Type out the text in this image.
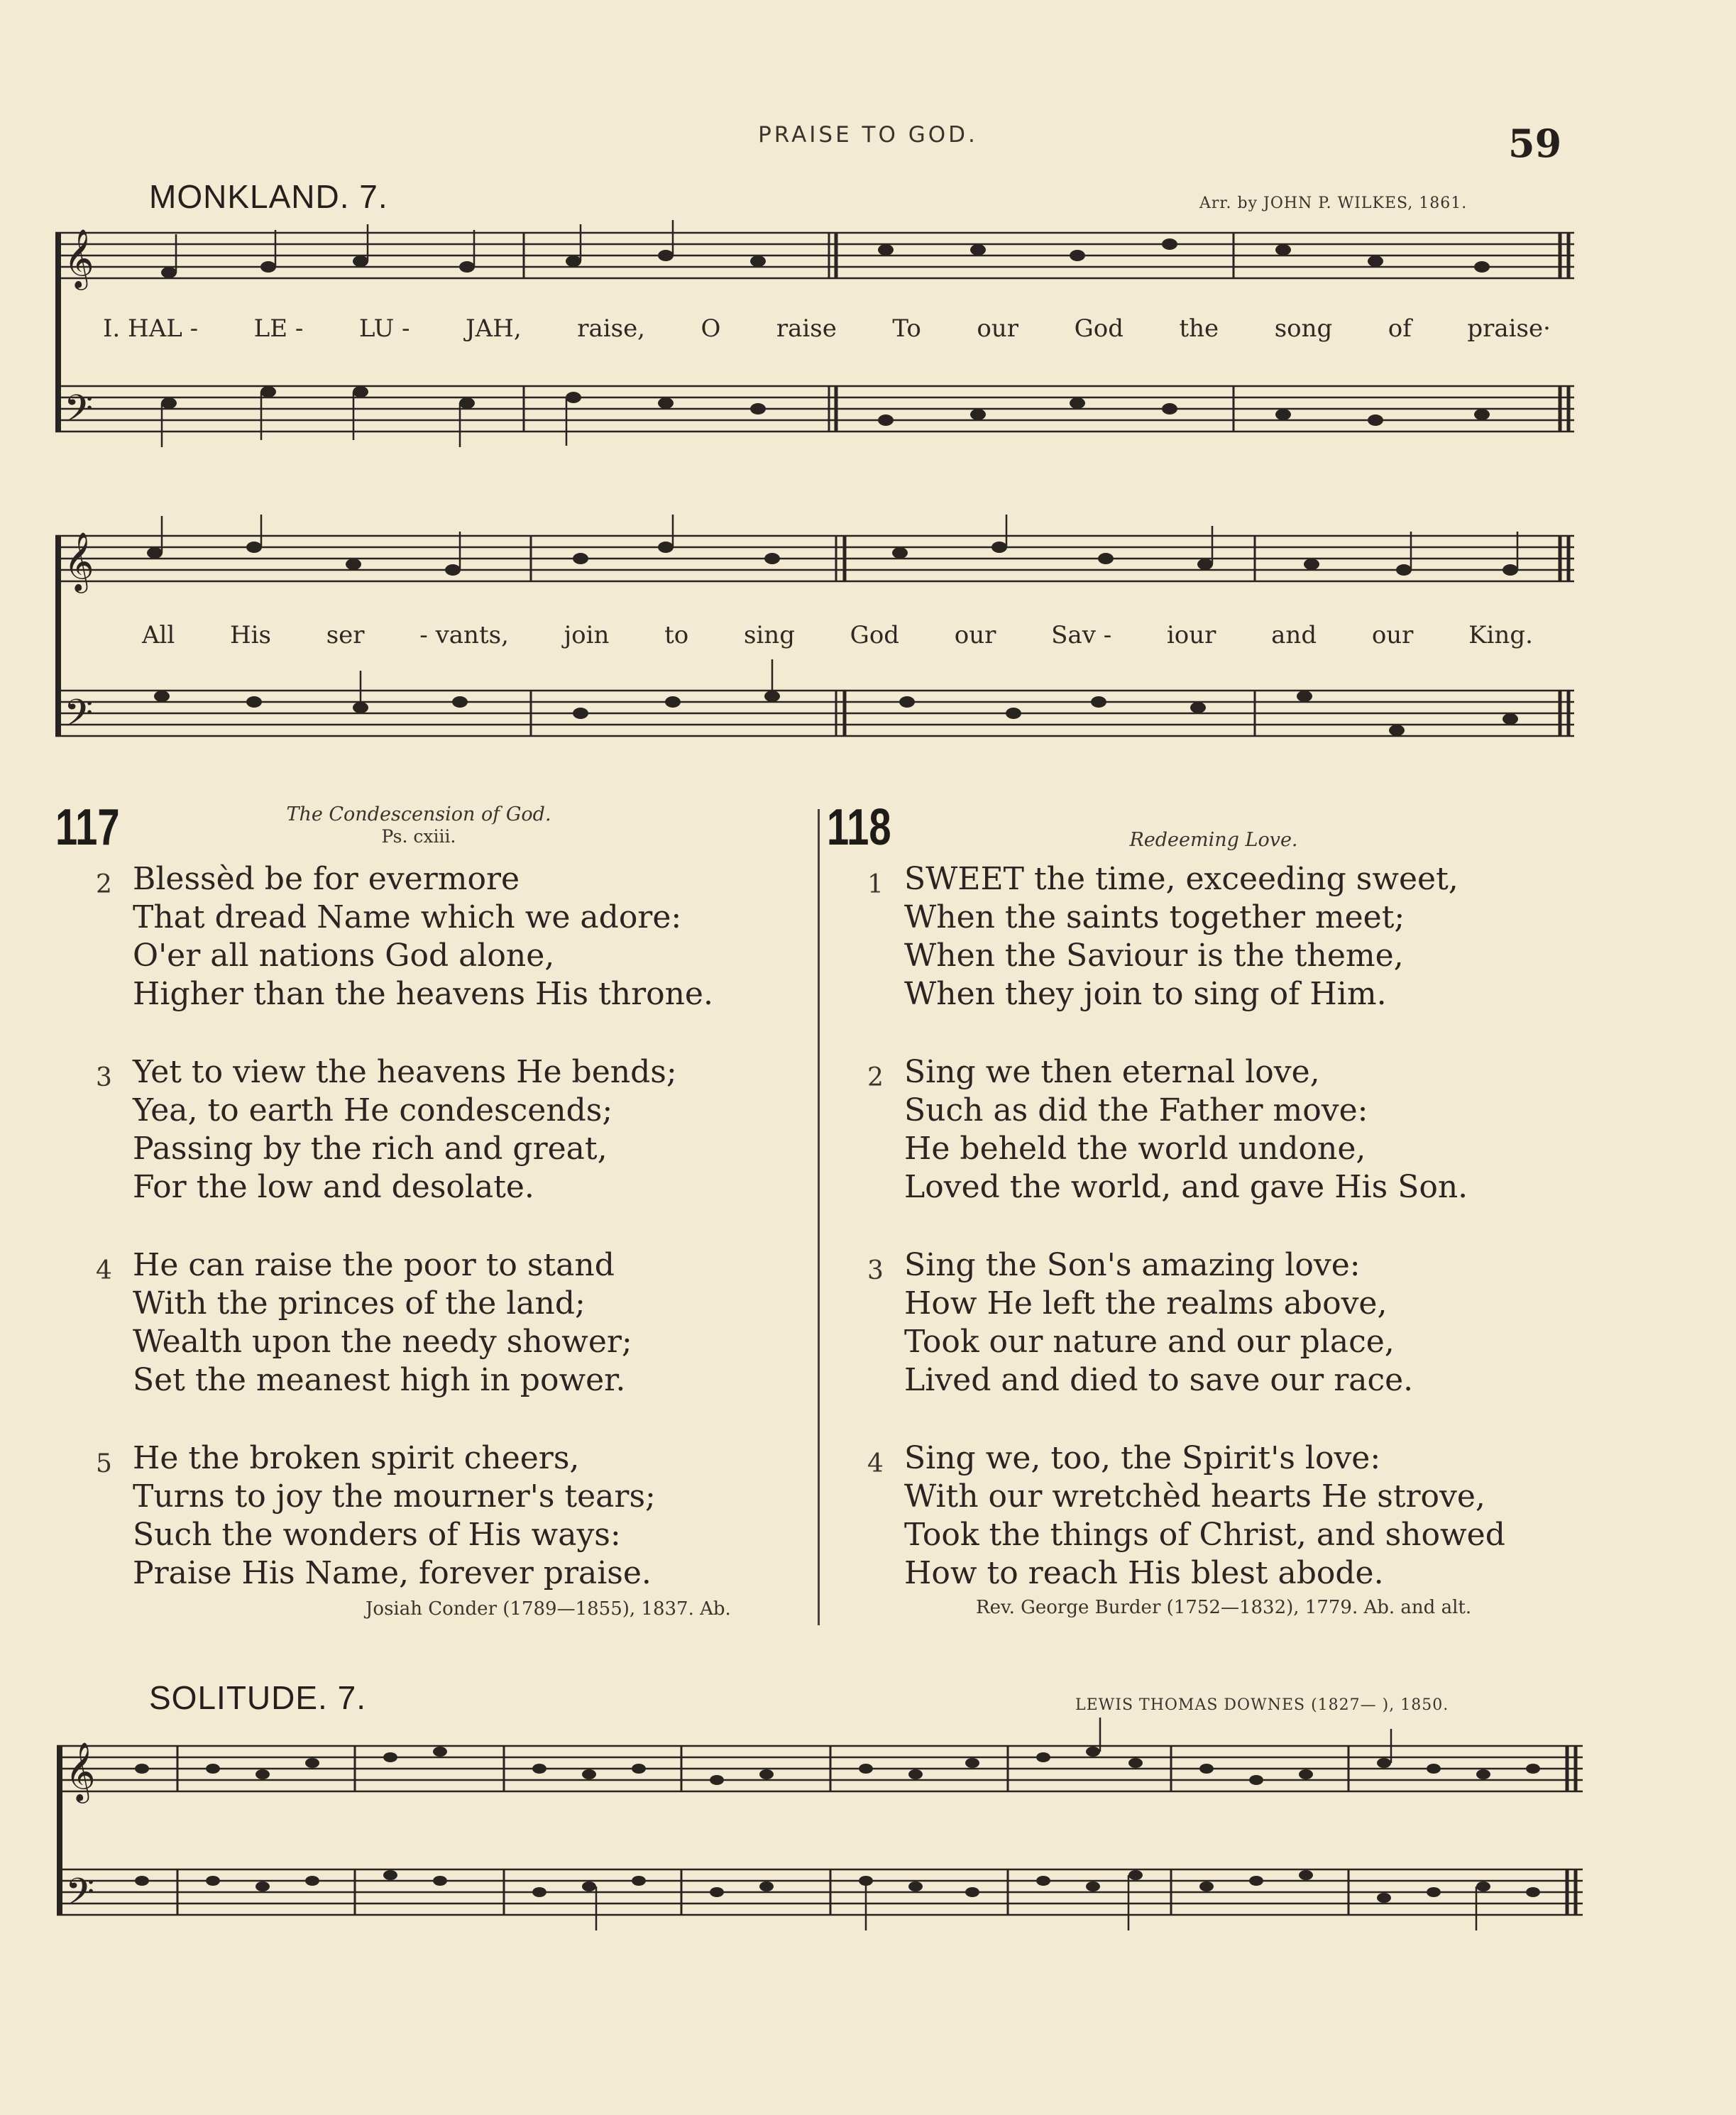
PRAISE TO GOD.	59
MONKLAND. 7.	Arr. by JOHN P. WILKES, 1861.
𝄞
𝄢
I. HAL - LE - LU - JAH, raise, O raise To our God the song of praise·
𝄞
𝄢
All His ser - vants, join to sing God our Sav - iour and our King.
117	The Condescension of God.
Ps. cxiii.
2 Blessèd be for evermore
That dread Name which we adore:
O'er all nations God alone,
Higher than the heavens His throne.
3 Yet to view the heavens He bends;
Yea, to earth He condescends;
Passing by the rich and great,
For the low and desolate.
4 He can raise the poor to stand
With the princes of the land;
Wealth upon the needy shower;
Set the meanest high in power.
5 He the broken spirit cheers,
Turns to joy the mourner's tears;
Such the wonders of His ways:
Praise His Name, forever praise.
Josiah Conder (1789—1855), 1837. Ab.
118	Redeeming Love.
1 SWEET the time, exceeding sweet,
When the saints together meet;
When the Saviour is the theme,
When they join to sing of Him.
2 Sing we then eternal love,
Such as did the Father move:
He beheld the world undone,
Loved the world, and gave His Son.
3 Sing the Son's amazing love:
How He left the realms above,
Took our nature and our place,
Lived and died to save our race.
4 Sing we, too, the Spirit's love:
With our wretchèd hearts He strove,
Took the things of Christ, and showed
How to reach His blest abode.
Rev. George Burder (1752—1832), 1779. Ab. and alt.
SOLITUDE. 7.	LEWIS THOMAS DOWNES (1827— ), 1850.
𝄞
𝄢
